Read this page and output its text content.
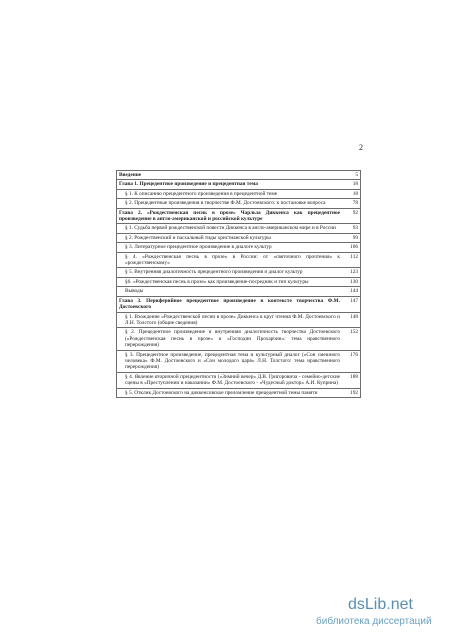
2
Введение	5
Глава 1. Прецедентное произведение и прецедентная тема	18
§ 1. К описанию прецедентного произведения в прецедентной теме	18
§ 2. Прецедентные произведения в творчестве Ф.М. Достоевского: к постановке вопроса	78
Глава 2. «Рождественская песнь в прозе» Чарльза Диккенса как прецедентное произведение в англо-американской и российской культуре	92
§ 1. Судьба первой рождественской повести Диккенса в англо-американском мире и в России	93
§ 2. Рождественский и пасхальный тиды христианской культуры	99
§ 3. Литературное прецедентное произведение в диалоге культур	106
§ 4. «Рождественская песнь в прозе» в России: от «святочного прочтения» к «рождественскому»	112
§ 5. Внутренняя диалогичность прецедентного произведения и диалог культур	123
§6. «Рождественская песнь в прозе» как произведение-посредник и тип культуры	130
Выводы	144
Глава 3. Периферийное прецедентное произведение в контексте творчества Ф.М. Достоевского	147
§ 1. Вхождение «Рождественской песни в прозе» Диккенса в круг чтения Ф.М. Достоевского и Л.Н. Толстого (общие сведения)	148
§ 2. Прецедентное произведение и внутренняя диалогичность творчества Достоевского («Рождественская песнь в прозе» и «Господин Прохарчин»: тема нравственного перерождения)	152
§ 3. Прецедентное произведение, прецедентная тема и культурный диалог («Сон смешного человека» Ф.М. Достоевского и «Сон молодого царя» Л.Н. Толстого: тема нравственного перерождения)	176
§ 4. Явление вторичной прецедентности («Зимний вечер» Д.В. Григоровича - семейно-детские сцены в «Преступлении и наказании» Ф.М. Достоевского - «Чудесный доктор» А.И. Куприна)	188
§ 5. Отклик Достоевского на диккенсовское преломление прецедентной темы памяти	192
dsLib.net
библиотека диссертаций
